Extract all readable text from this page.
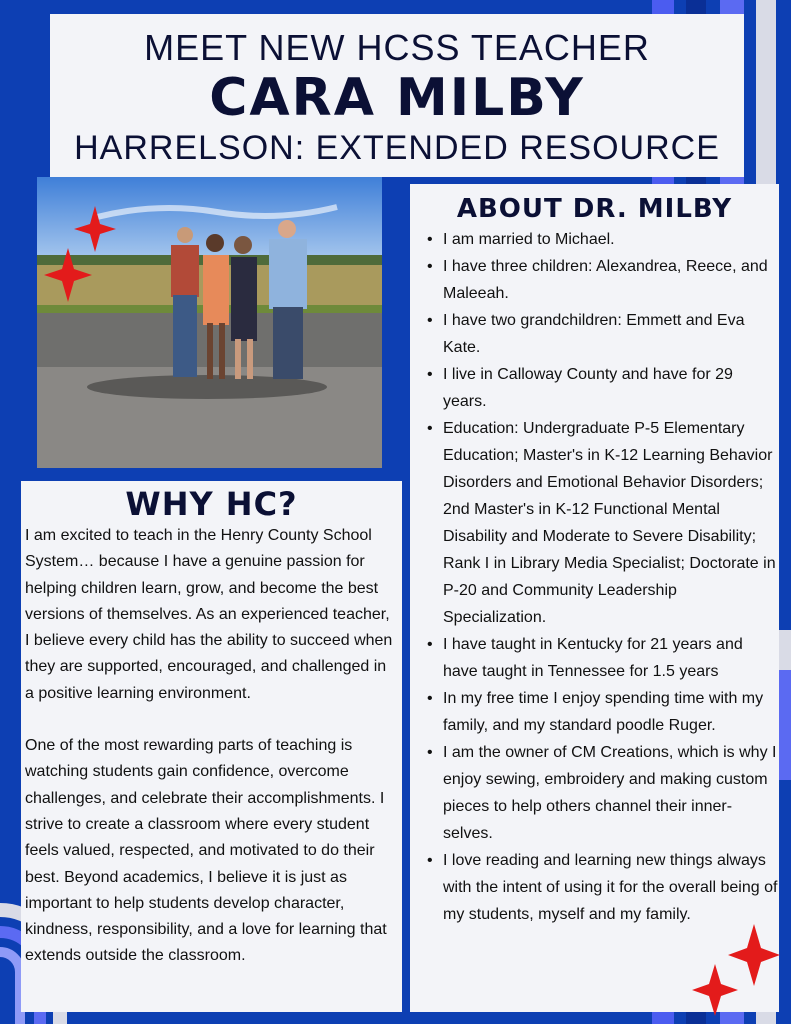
MEET NEW HCSS TEACHER
CARA MILBY
HARRELSON: EXTENDED RESOURCE
ABOUT DR. MILBY
• I am married to Michael.
• I have three children: Alexandrea, Reece, and Maleeah.
• I have two grandchildren: Emmett and Eva Kate.
• I live in Calloway County and have for 29 years.
• Education: Undergraduate P-5 Elementary Education; Master's in K-12 Learning Behavior Disorders and Emotional Behavior Disorders; 2nd Master's in K-12 Functional Mental Disability and Moderate to Severe Disability; Rank I in Library Media Specialist; Doctorate in P-20 and Community Leadership Specialization.
• I have taught in Kentucky for 21 years and have taught in Tennessee for 1.5 years
• In my free time I enjoy spending time with my family, and my standard poodle Ruger.
• I am the owner of CM Creations, which is why I enjoy sewing, embroidery and making custom pieces to help others channel their inner-selves.
• I love reading and learning new things always with the intent of using it for the overall being of my students, myself and my family.
WHY HC?

I am excited to teach in the Henry County School System… because I have a genuine passion for helping children learn, grow, and become the best versions of themselves. As an experienced teacher, I believe every child has the ability to succeed when they are supported, encouraged, and challenged in a positive learning environment.

One of the most rewarding parts of teaching is watching students gain confidence, overcome challenges, and celebrate their accomplishments. I strive to create a classroom where every student feels valued, respected, and motivated to do their best. Beyond academics, I believe it is just as important to help students develop character, kindness, responsibility, and a love for learning that extends outside the classroom.
